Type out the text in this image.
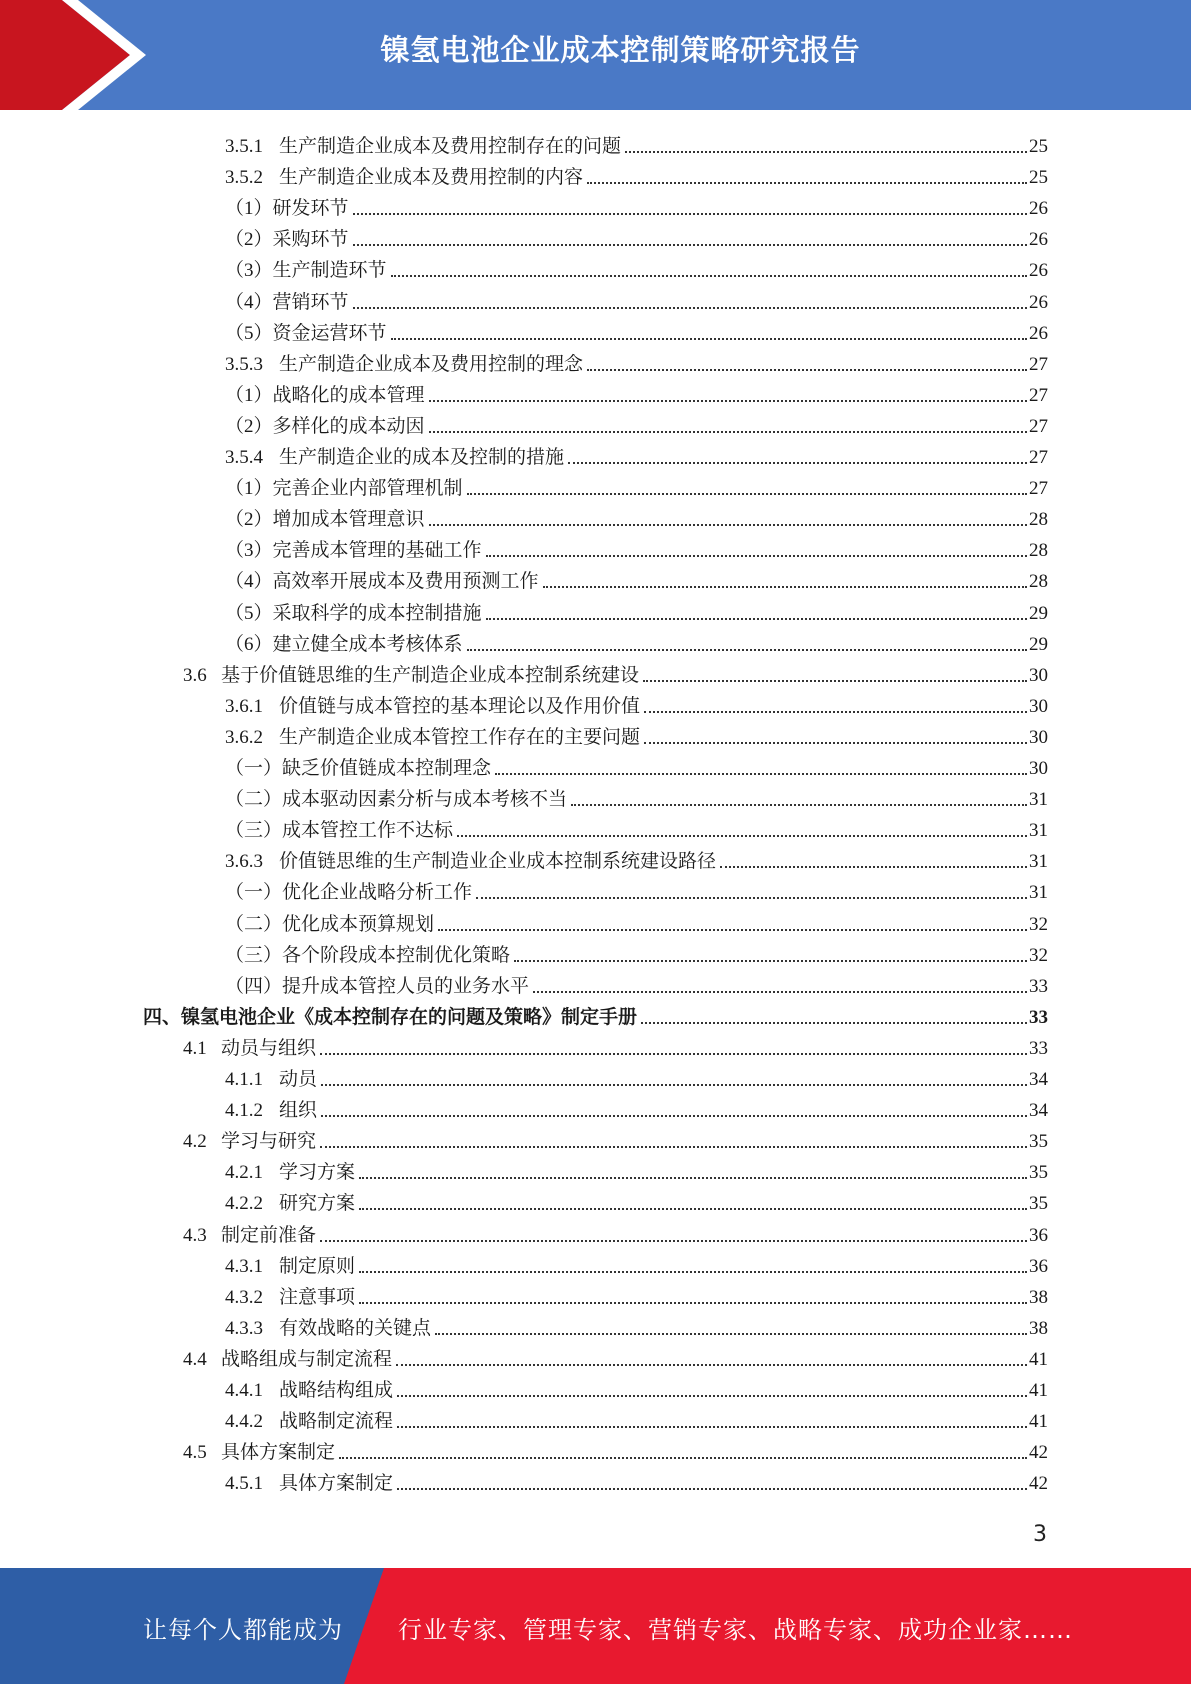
镍氢电池企业成本控制策略研究报告
3.5.1 生产制造企业成本及费用控制存在的问题	25
3.5.2 生产制造企业成本及费用控制的内容	25
（1） 研发环节	26
（2） 采购环节	26
（3） 生产制造环节	26
（4） 营销环节	26
（5） 资金运营环节	26
3.5.3 生产制造企业成本及费用控制的理念	27
（1） 战略化的成本管理	27
（2） 多样化的成本动因	27
3.5.4 生产制造企业的成本及控制的措施	27
（1） 完善企业内部管理机制	27
（2） 增加成本管理意识	28
（3） 完善成本管理的基础工作	28
（4） 高效率开展成本及费用预测工作	28
（5） 采取科学的成本控制措施	29
（6） 建立健全成本考核体系	29
3.6 基于价值链思维的生产制造企业成本控制系统建设	30
3.6.1 价值链与成本管控的基本理论以及作用价值	30
3.6.2 生产制造企业成本管控工作存在的主要问题	30
（一） 缺乏价值链成本控制理念	30
（二） 成本驱动因素分析与成本考核不当	31
（三） 成本管控工作不达标	31
3.6.3 价值链思维的生产制造业企业成本控制系统建设路径	31
（一） 优化企业战略分析工作	31
（二） 优化成本预算规划	32
（三） 各个阶段成本控制优化策略	32
（四） 提升成本管控人员的业务水平	33
四、 镍氢电池企业《成本控制存在的问题及策略》制定手册	33
4.1 动员与组织	33
4.1.1 动员	34
4.1.2 组织	34
4.2 学习与研究	35
4.2.1 学习方案	35
4.2.2 研究方案	35
4.3 制定前准备	36
4.3.1 制定原则	36
4.3.2 注意事项	38
4.3.3 有效战略的关键点	38
4.4 战略组成与制定流程	41
4.4.1 战略结构组成	41
4.4.2 战略制定流程	41
4.5 具体方案制定	42
4.5.1 具体方案制定	42
3
让每个人都能成为 行业专家、管理专家、营销专家、战略专家、成功企业家……
